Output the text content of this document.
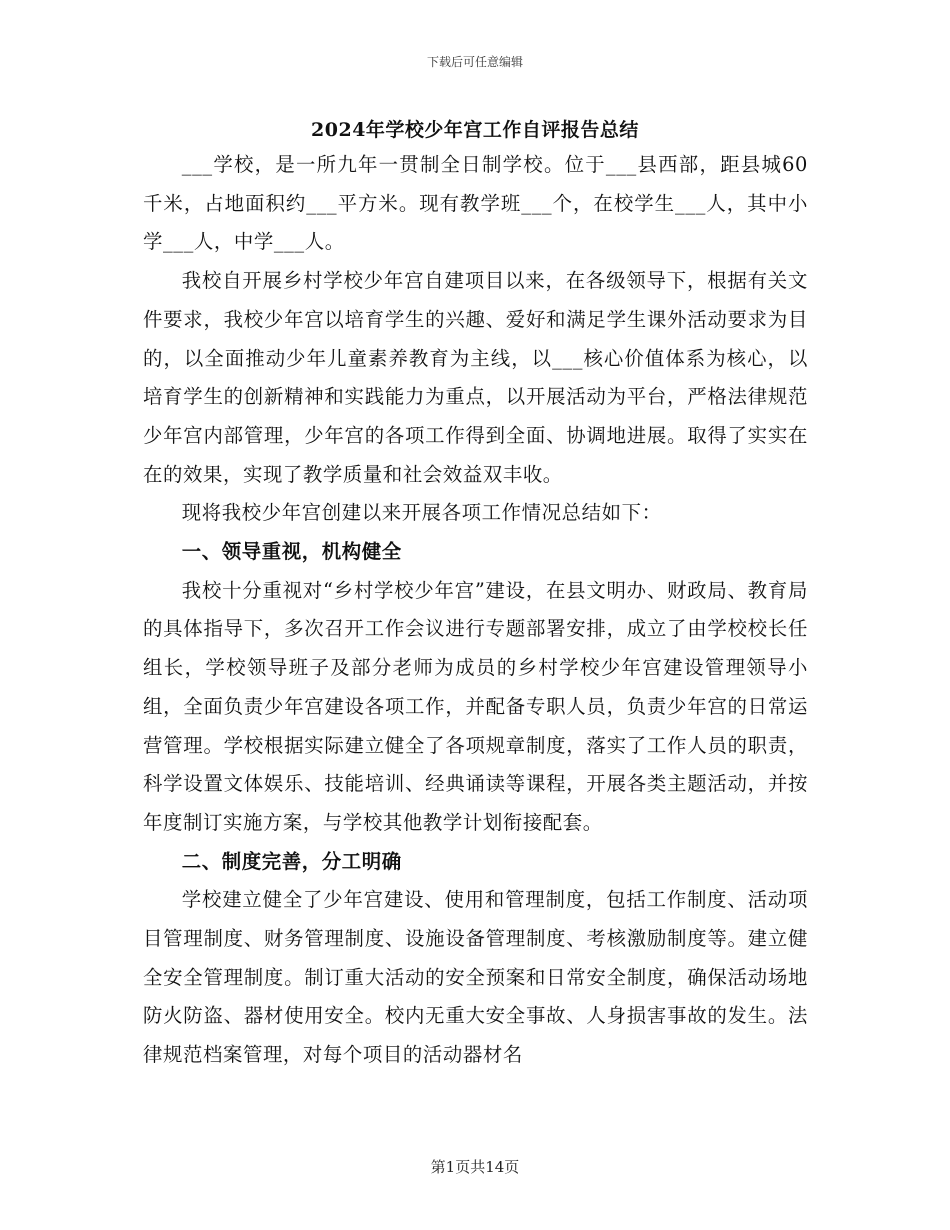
下载后可任意编辑
2024年学校少年宫工作自评报告总结

___学校，是一所九年一贯制全日制学校。位于___县西部，距县城60千米，占地面积约___平方米。现有教学班___个，在校学生___人，其中小学___人，中学___人。

我校自开展乡村学校少年宫自建项目以来，在各级领导下，根据有关文件要求，我校少年宫以培育学生的兴趣、爱好和满足学生课外活动要求为目的，以全面推动少年儿童素养教育为主线，以___核心价值体系为核心，以培育学生的创新精神和实践能力为重点，以开展活动为平台，严格法律规范少年宫内部管理，少年宫的各项工作得到全面、协调地进展。取得了实实在在的效果，实现了教学质量和社会效益双丰收。

现将我校少年宫创建以来开展各项工作情况总结如下：

一、领导重视，机构健全

我校十分重视对“乡村学校少年宫”建设，在县文明办、财政局、教育局的具体指导下，多次召开工作会议进行专题部署安排，成立了由学校校长任组长，学校领导班子及部分老师为成员的乡村学校少年宫建设管理领导小组，全面负责少年宫建设各项工作，并配备专职人员，负责少年宫的日常运营管理。学校根据实际建立健全了各项规章制度，落实了工作人员的职责，科学设置文体娱乐、技能培训、经典诵读等课程，开展各类主题活动，并按年度制订实施方案，与学校其他教学计划衔接配套。

二、制度完善，分工明确

学校建立健全了少年宫建设、使用和管理制度，包括工作制度、活动项目管理制度、财务管理制度、设施设备管理制度、考核激励制度等。建立健全安全管理制度。制订重大活动的安全预案和日常安全制度，确保活动场地防火防盗、器材使用安全。校内无重大安全事故、人身损害事故的发生。法律规范档案管理，对每个项目的活动器材名

第1页共14页
